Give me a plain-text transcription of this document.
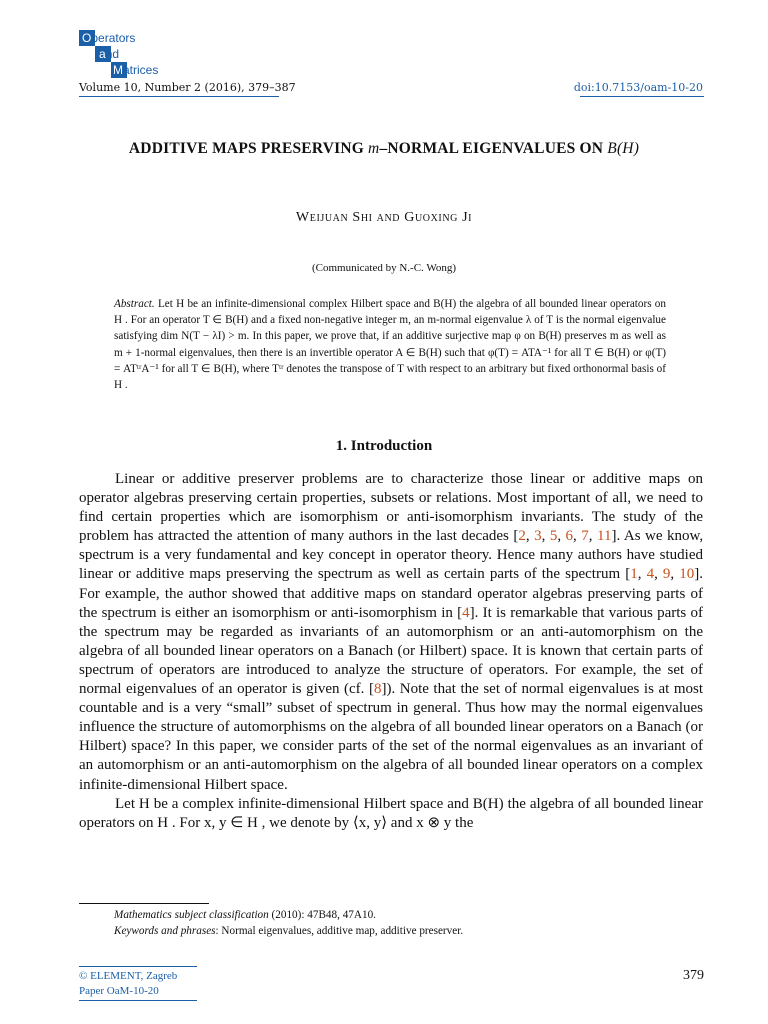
Operators
and
Matrices
Volume 10, Number 2 (2016), 379–387	doi:10.7153/oam-10-20
ADDITIVE MAPS PRESERVING m–NORMAL EIGENVALUES ON B(H)
Weijuan Shi and Guoxing Ji
(Communicated by N.-C. Wong)
Abstract. Let H be an infinite-dimensional complex Hilbert space and B(H) the algebra of all bounded linear operators on H . For an operator T ∈ B(H) and a fixed non-negative integer m, an m-normal eigenvalue λ of T is the normal eigenvalue satisfying dim N(T − λI) > m. In this paper, we prove that, if an additive surjective map φ on B(H) preserves m as well as m + 1-normal eigenvalues, then there is an invertible operator A ∈ B(H) such that φ(T) = ATA⁻¹ for all T ∈ B(H) or φ(T) = ATᵗʳA⁻¹ for all T ∈ B(H), where Tᵗʳ denotes the transpose of T with respect to an arbitrary but fixed orthonormal basis of H .
1. Introduction

Linear or additive preserver problems are to characterize those linear or additive maps on operator algebras preserving certain properties, subsets or relations. Most important of all, we need to find certain properties which are isomorphism or anti-isomorphism invariants. The study of the problem has attracted the attention of many authors in the last decades [2, 3, 5, 6, 7, 11]. As we know, spectrum is a very fundamental and key concept in operator theory. Hence many authors have studied linear or additive maps preserving the spectrum as well as certain parts of the spectrum [1, 4, 9, 10]. For example, the author showed that additive maps on standard operator algebras preserving parts of the spectrum is either an isomorphism or anti-isomorphism in [4]. It is remarkable that various parts of the spectrum may be regarded as invariants of an automorphism or an anti-automorphism on the algebra of all bounded linear operators on a Banach (or Hilbert) space. It is known that certain parts of spectrum of operators are introduced to analyze the structure of operators. For example, the set of normal eigenvalues of an operator is given (cf. [8]). Note that the set of normal eigenvalues is at most countable and is a very “small” subset of spectrum in general. Thus how may the normal eigenvalues influence the structure of automorphisms on the algebra of all bounded linear operators on a Banach (or Hilbert) space? In this paper, we consider parts of the set of the normal eigenvalues as an invariant of an automorphism or an anti-automorphism on the algebra of all bounded linear operators on a complex infinite-dimensional Hilbert space.

Let H be a complex infinite-dimensional Hilbert space and B(H) the algebra of all bounded linear operators on H . For x, y ∈ H , we denote by ⟨x, y⟩ and x ⊗ y the

Mathematics subject classification (2010): 47B48, 47A10.
Keywords and phrases: Normal eigenvalues, additive map, additive preserver.
© ELEMENT, Zagreb
Paper OaM-10-20
379
